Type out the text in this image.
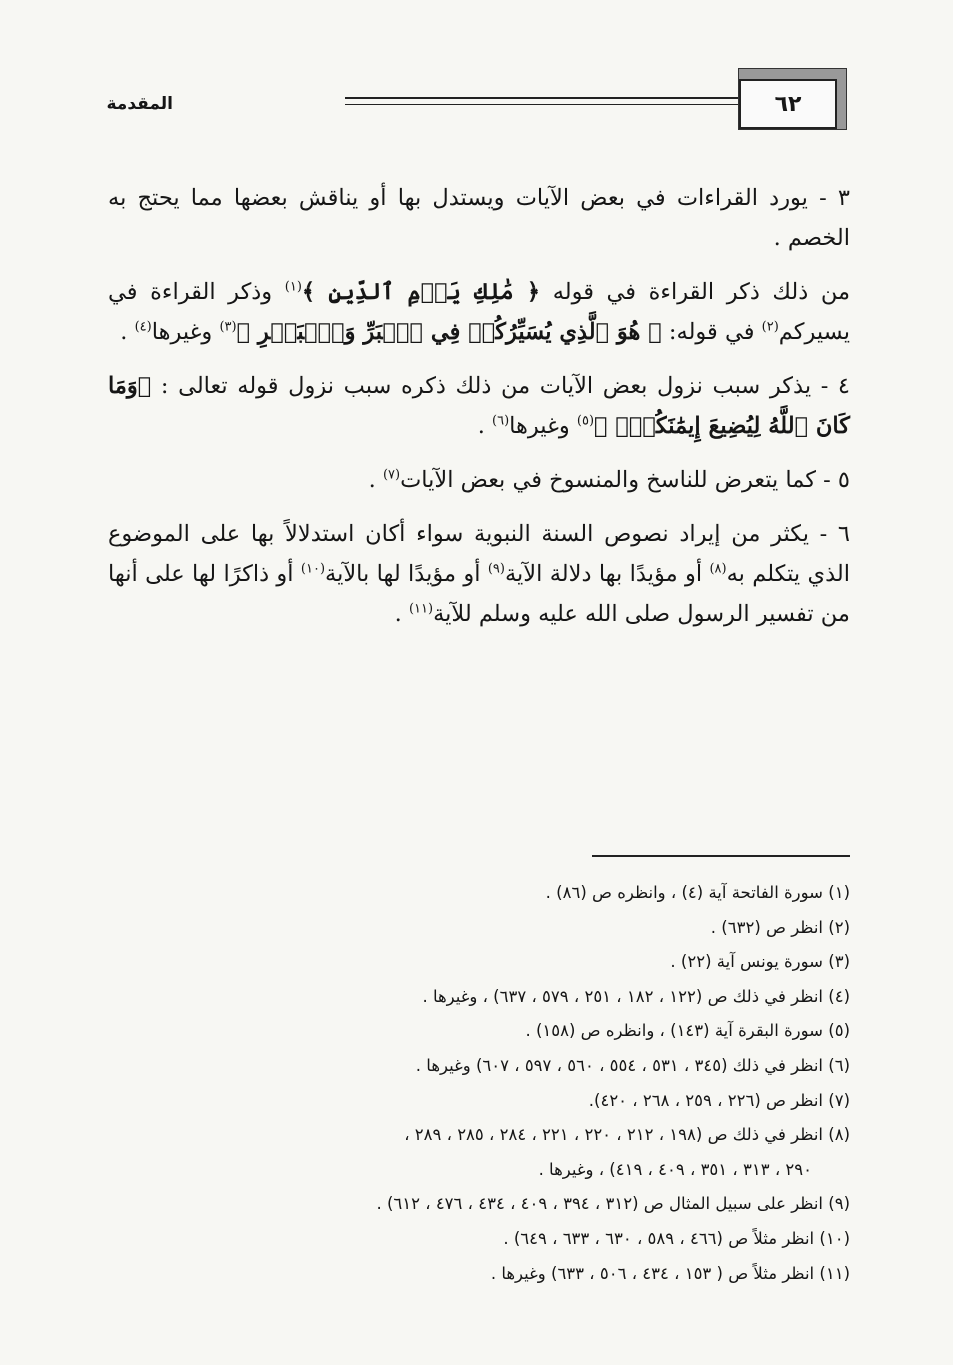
المقدمة	٦٢

٣ - يورد القراءات في بعض الآيات ويستدل بها أو يناقش بعضها مما يحتج به الخصم .

من ذلك ذكر القراءة في قوله ﴿ مَٰلِكِ يَوۡمِ ٱلدِّينِ ﴾$^{(١)}$ وذكر القراءة في يسيركم$^{(٢)}$ في قوله: ﴿ هُوَ ٱلَّذِي يُسَيِّرُكُمۡ فِي ٱلۡبَرِّ وَٱلۡبَحۡرِ ﴾$^{(٣)}$ وغيرها$^{(٤)}$ .

٤ - يذكر سبب نزول بعض الآيات من ذلك ذكره سبب نزول قوله تعالى : ﴿وَمَا كَانَ ٱللَّهُ لِيُضِيعَ إِيمَٰنَكُمۡۚ ﴾$^{(٥)}$ وغيرها$^{(٦)}$ .

٥ - كما يتعرض للناسخ والمنسوخ في بعض الآيات$^{(٧)}$ .

٦ - يكثر من إيراد نصوص السنة النبوية سواء أكان استدلالاً بها على الموضوع الذي يتكلم به$^{(٨)}$ أو مؤيدًا بها دلالة الآية$^{(٩)}$ أو مؤيدًا لها بالآية$^{(١٠)}$ أو ذاكرًا لها على أنها من تفسير الرسول صلى الله عليه وسلم للآية$^{(١١)}$ .

(١) سورة الفاتحة آية (٤) ، وانظره ص (٨٦) .
(٢) انظر ص (٦٣٢) .
(٣) سورة يونس آية (٢٢) .
(٤) انظر في ذلك ص (١٢٢ ، ١٨٢ ، ٢٥١ ، ٥٧٩ ، ٦٣٧) ، وغيرها .
(٥) سورة البقرة آية (١٤٣) ، وانظره ص (١٥٨) .
(٦) انظر في ذلك (٣٤٥ ، ٥٣١ ، ٥٥٤ ، ٥٦٠ ، ٥٩٧ ، ٦٠٧) وغيرها .
(٧) انظر ص (٢٢٦ ، ٢٥٩ ، ٢٦٨ ، ٤٢٠).
(٨) انظر في ذلك ص (١٩٨ ، ٢١٢ ، ٢٢٠ ، ٢٢١ ، ٢٨٤ ، ٢٨٥ ، ٢٨٩ ،
٢٩٠ ، ٣١٣ ، ٣٥١ ، ٤٠٩ ، ٤١٩) ، وغيرها .
(٩) انظر على سبيل المثال ص (٣١٢ ، ٣٩٤ ، ٤٠٩ ، ٤٣٤ ، ٤٧٦ ، ٦١٢) .
(١٠) انظر مثلاً ص (٤٦٦ ، ٥٨٩ ، ٦٣٠ ، ٦٣٣ ، ٦٤٩) .
(١١) انظر مثلاً ص ( ١٥٣ ، ٤٣٤ ، ٥٠٦ ، ٦٣٣) وغيرها .
